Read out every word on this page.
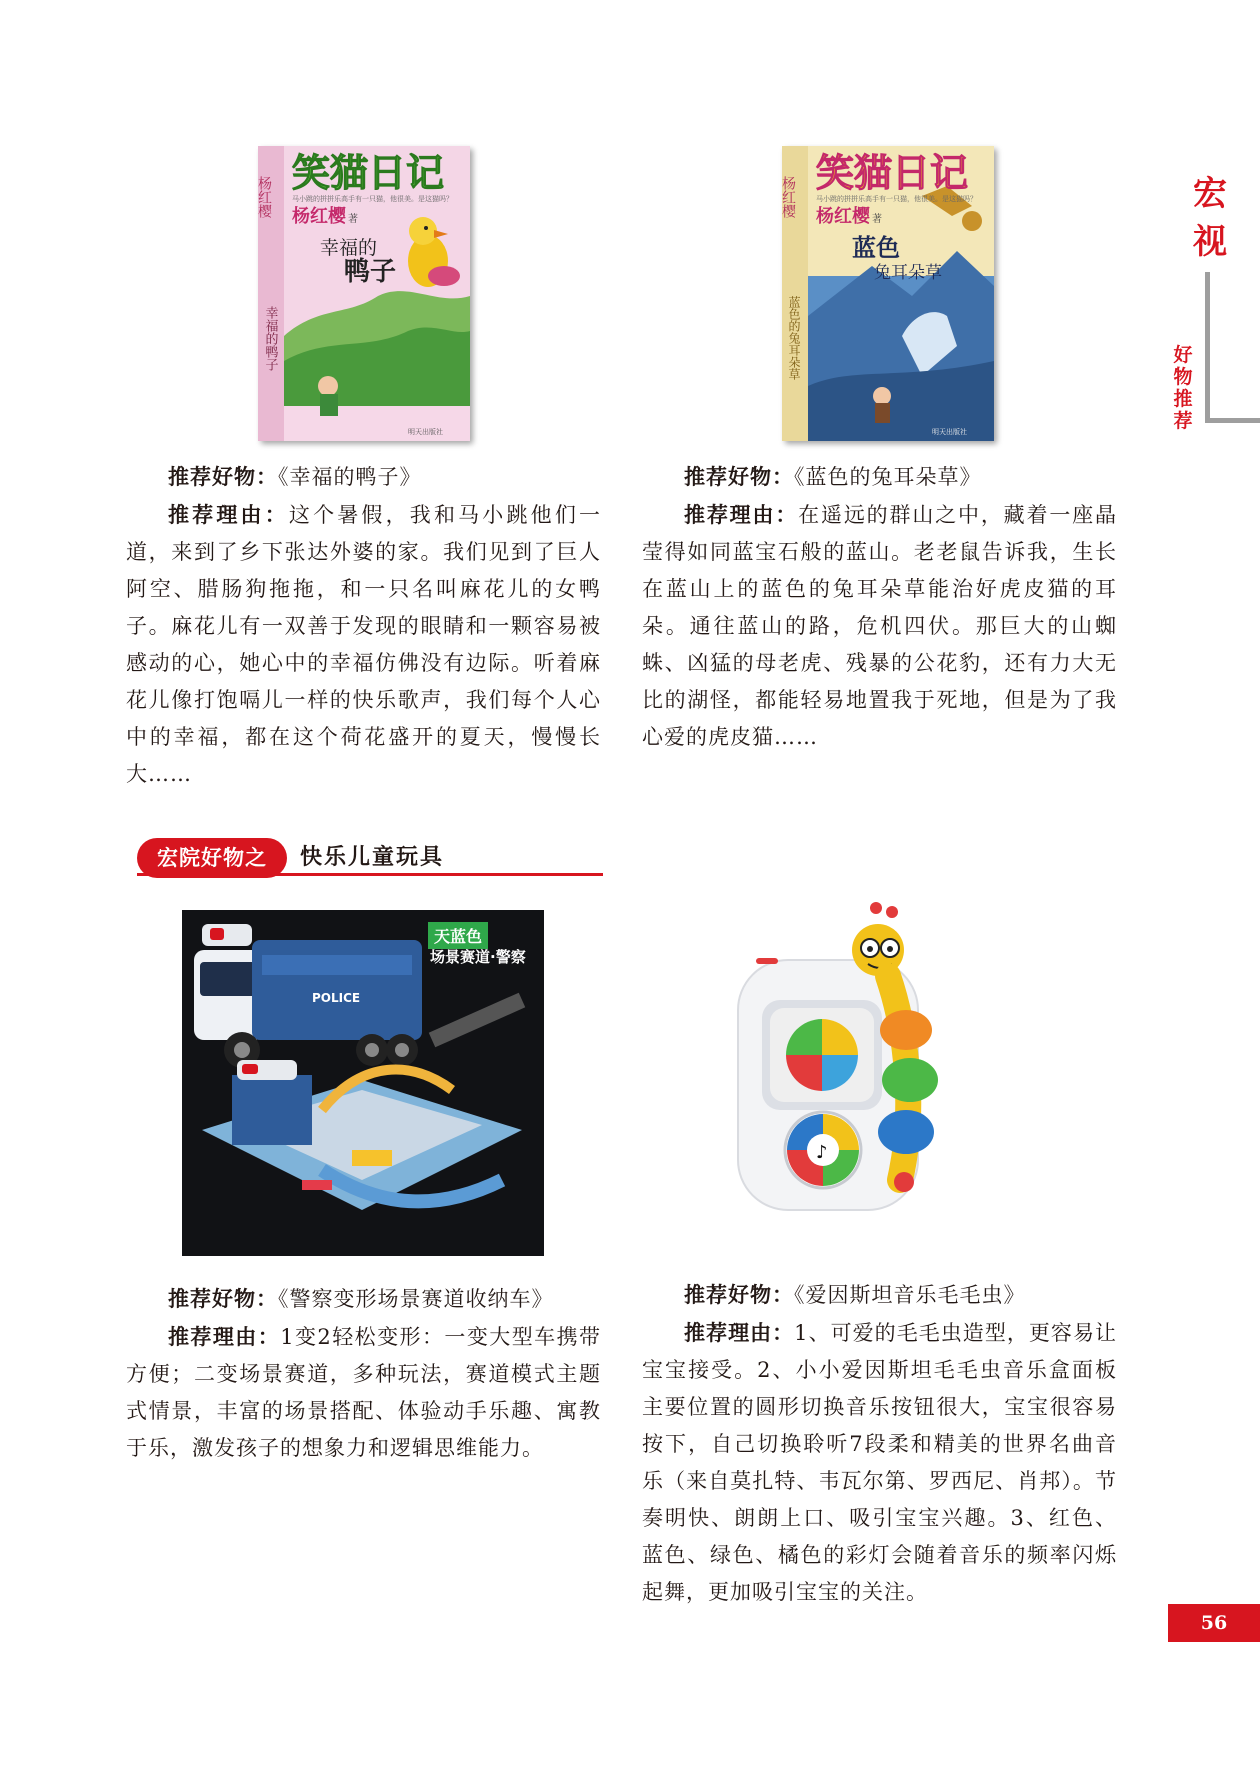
宏
视
好
物
推
荐
杨红樱
幸福的鸭子
笑猫日记
马小跳的拼拼乐高手有一只猫，他很美。是这猫吗？
杨红樱 著
幸福的
鸭子
明天出版社
杨红樱
蓝色的兔耳朵草
笑猫日记
马小跳的拼拼乐高手有一只猫，他很美。是这猫吗？
杨红樱 著
蓝色
兔耳朵草
明天出版社

推荐好物：《幸福的鸭子》

推荐理由：这个暑假，我和马小跳他们一道，来到了乡下张达外婆的家。我们见到了巨人阿空、腊肠狗拖拖，和一只名叫麻花儿的女鸭子。麻花儿有一双善于发现的眼睛和一颗容易被感动的心，她心中的幸福仿佛没有边际。听着麻花儿像打饱嗝儿一样的快乐歌声，我们每个人心中的幸福，都在这个荷花盛开的夏天，慢慢长大……

推荐好物：《蓝色的兔耳朵草》

推荐理由：在遥远的群山之中，藏着一座晶莹得如同蓝宝石般的蓝山。老老鼠告诉我，生长在蓝山上的蓝色的兔耳朵草能治好虎皮猫的耳朵。通往蓝山的路，危机四伏。那巨大的山蜘蛛、凶猛的母老虎、残暴的公花豹，还有力大无比的湖怪，都能轻易地置我于死地，但是为了我心爱的虎皮猫……

宏院好物之	快乐儿童玩具
POLICE
天蓝色
场景赛道·警察
♪

推荐好物：《警察变形场景赛道收纳车》

推荐理由：1变2轻松变形：一变大型车携带方便；二变场景赛道，多种玩法，赛道模式主题式情景，丰富的场景搭配、体验动手乐趣、寓教于乐，激发孩子的想象力和逻辑思维能力。

推荐好物：《爱因斯坦音乐毛毛虫》

推荐理由：1、可爱的毛毛虫造型，更容易让宝宝接受。2、小小爱因斯坦毛毛虫音乐盒面板主要位置的圆形切换音乐按钮很大，宝宝很容易按下，自己切换聆听7段柔和精美的世界名曲音乐（来自莫扎特、韦瓦尔第、罗西尼、肖邦）。节奏明快、朗朗上口、吸引宝宝兴趣。3、红色、蓝色、绿色、橘色的彩灯会随着音乐的频率闪烁起舞，更加吸引宝宝的关注。

56
